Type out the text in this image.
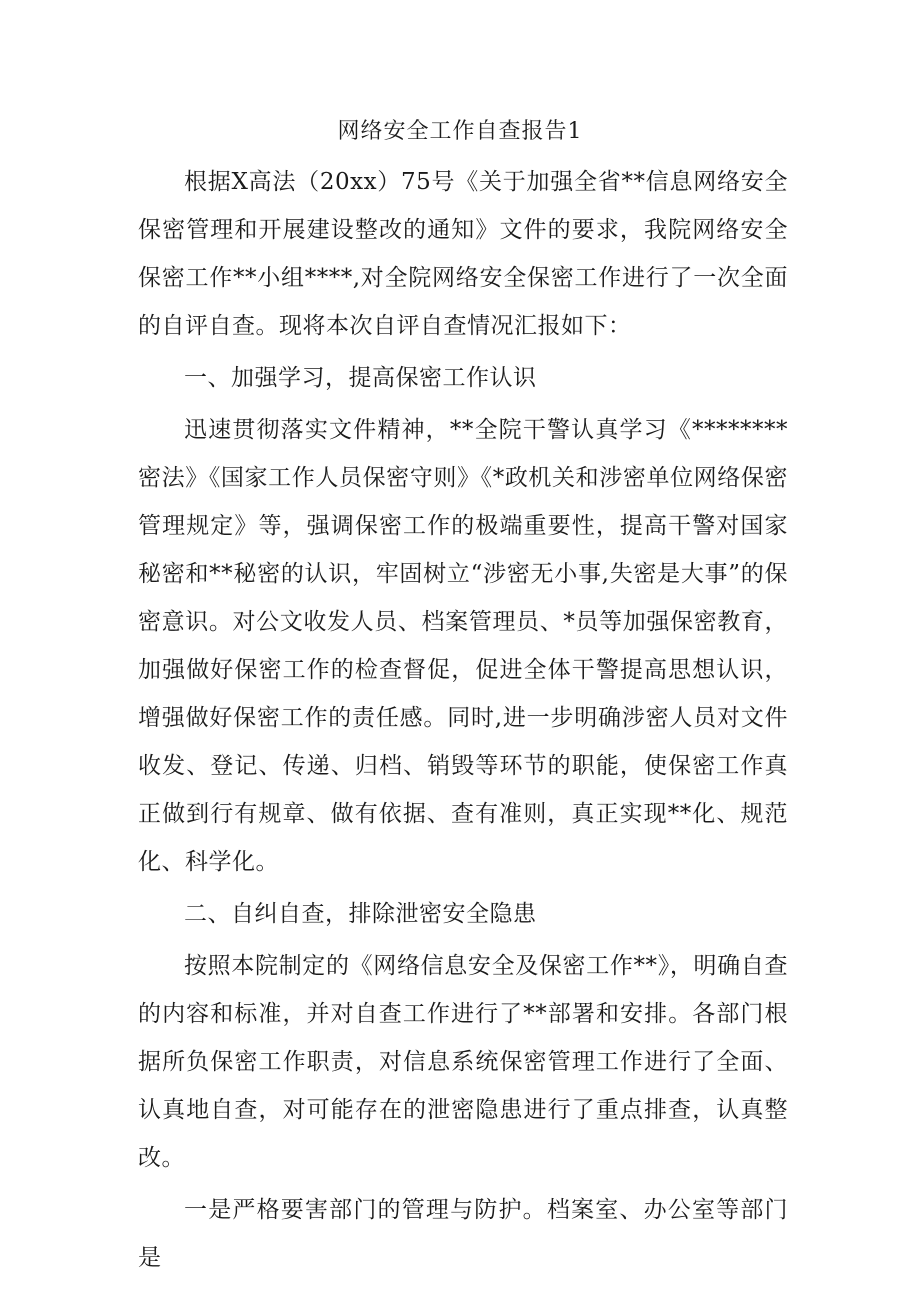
网络安全工作自查报告1

根据X高法（20xx）75号《关于加强全省**信息网络安全保密管理和开展建设整改的通知》文件的要求，我院网络安全保密工作**小组****,对全院网络安全保密工作进行了一次全面的自评自查。现将本次自评自查情况汇报如下：

一、加强学习，提高保密工作认识

迅速贯彻落实文件精神，**全院干警认真学习《********密法》《国家工作人员保密守则》《*政机关和涉密单位网络保密管理规定》等，强调保密工作的极端重要性，提高干警对国家秘密和**秘密的认识，牢固树立“涉密无小事,失密是大事”的保密意识。对公文收发人员、档案管理员、*员等加强保密教育，加强做好保密工作的检查督促，促进全体干警提高思想认识，增强做好保密工作的责任感。同时,进一步明确涉密人员对文件收发、登记、传递、归档、销毁等环节的职能，使保密工作真正做到行有规章、做有依据、查有准则，真正实现**化、规范化、科学化。

二、自纠自查，排除泄密安全隐患

按照本院制定的《网络信息安全及保密工作**》，明确自查的内容和标准，并对自查工作进行了**部署和安排。各部门根据所负保密工作职责，对信息系统保密管理工作进行了全面、认真地自查，对可能存在的泄密隐患进行了重点排查，认真整改。

一是严格要害部门的管理与防护。档案室、办公室等部门是
